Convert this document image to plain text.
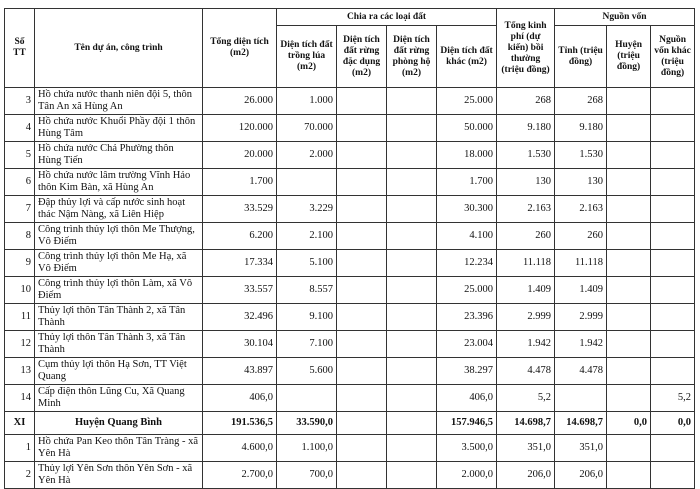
Số TT	Tên dự án, công trình	Tổng diện tích (m2)	Chia ra các loại đất				Tổng kinh phí (dự kiến) bồi thường (triệu đồng)	Nguồn vốn		
			Diện tích đất trồng lúa (m2)	Diện tích đất rừng đặc dụng (m2)	Diện tích đất rừng phòng hộ (m2)	Diện tích đất khác (m2)		Tỉnh (triệu đồng)	Huyện (triệu đồng)	Nguồn vốn khác (triệu đồng)
3	Hồ chứa nước thanh niên đội 5, thôn Tân An xã Hùng An	26.000	1.000			25.000	268	268		
4	Hồ chứa nước Khuổi Phầy đội 1 thôn Hùng Tâm	120.000	70.000			50.000	9.180	9.180		
5	Hồ chứa nước Chả Phường thôn Hùng Tiến	20.000	2.000			18.000	1.530	1.530		
6	Hồ chứa nước lâm trường Vĩnh Hảo thôn Kim Bàn, xã Hùng An	1.700				1.700	130	130		
7	Đập thủy lợi và cấp nước sinh hoạt thác Nậm Nàng, xã Liên Hiệp	33.529	3.229			30.300	2.163	2.163		
8	Công trình thủy lợi thôn Me Thượng, Vô Điếm	6.200	2.100			4.100	260	260		
9	Công trình thủy lợi thôn Me Hạ, xã Vô Điếm	17.334	5.100			12.234	11.118	11.118		
10	Công trình thủy lợi thôn Làm, xã Vô Điếm	33.557	8.557			25.000	1.409	1.409		
11	Thủy lợi thôn Tân Thành 2, xã Tân Thành	32.496	9.100			23.396	2.999	2.999		
12	Thủy lợi thôn Tân Thành 3, xã Tân Thành	30.104	7.100			23.004	1.942	1.942		
13	Cụm thủy lợi thôn Hạ Sơn, TT Việt Quang	43.897	5.600			38.297	4.478	4.478		
14	Cấp điện thôn Lũng Cu, Xã Quang Minh	406,0				406,0	5,2			5,2
XI	Huyện Quang Bình	191.536,5	33.590,0			157.946,5	14.698,7	14.698,7	0,0	0,0
1	Hồ chứa Pan Keo thôn Tân Tràng - xã Yên Hà	4.600,0	1.100,0			3.500,0	351,0	351,0		
2	Thủy lợi Yên Sơn thôn Yên Sơn - xã Yên Hà	2.700,0	700,0			2.000,0	206,0	206,0		
